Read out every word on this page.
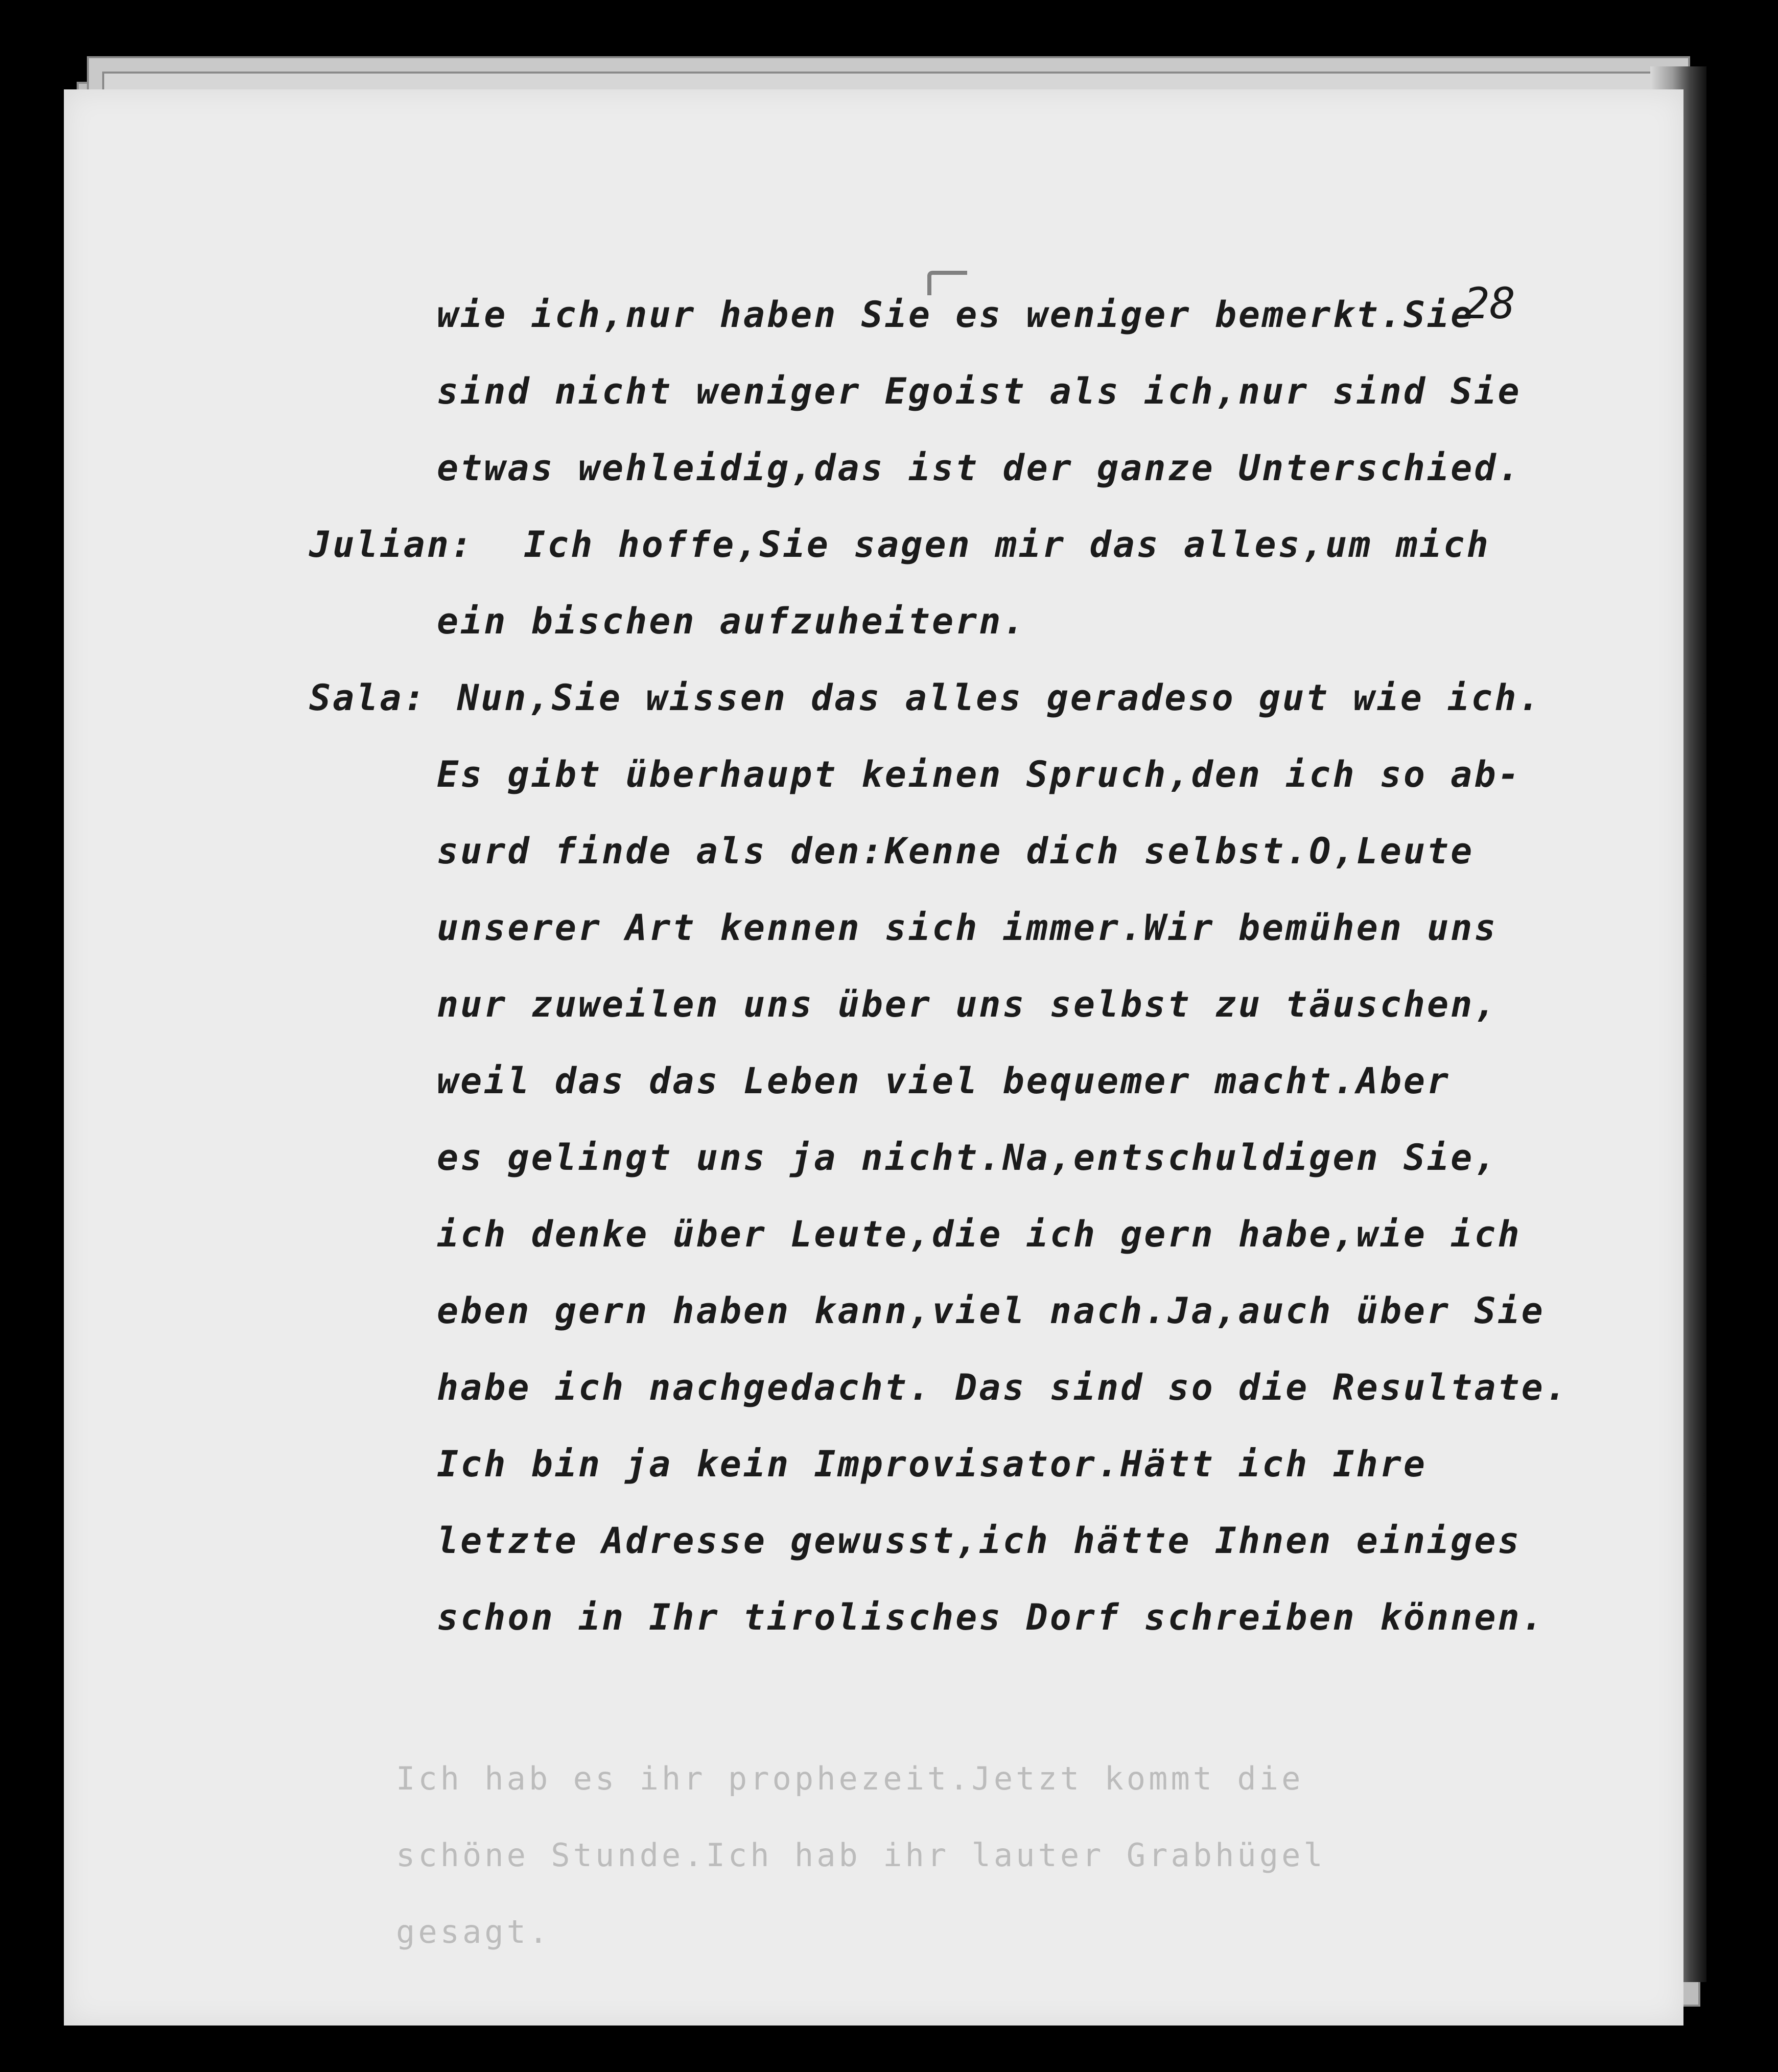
28
Ich hab es ihr prophezeit.Jetzt kommt die
schöne Stunde.Ich hab ihr lauter Grabhügel
gesagt.
wie ich,nur haben Sie es weniger bemerkt.Sie
sind nicht weniger Egoist als ich,nur sind Sie
etwas wehleidig,das ist der ganze Unterschied.
Julian: Ich hoffe,Sie sagen mir das alles,um mich
ein bischen aufzuheitern.
Sala: Nun,Sie wissen das alles geradeso gut wie ich.
Es gibt überhaupt keinen Spruch,den ich so ab-
surd finde als den:Kenne dich selbst.O,Leute
unserer Art kennen sich immer.Wir bemühen uns
nur zuweilen uns über uns selbst zu täuschen,
weil das das Leben viel bequemer macht.Aber
es gelingt uns ja nicht.Na,entschuldigen Sie,
ich denke über Leute,die ich gern habe,wie ich
eben gern haben kann,viel nach.Ja,auch über Sie
habe ich nachgedacht. Das sind so die Resultate.
Ich bin ja kein Improvisator.Hätt ich Ihre
letzte Adresse gewusst,ich hätte Ihnen einiges
schon in Ihr tirolisches Dorf schreiben können.
